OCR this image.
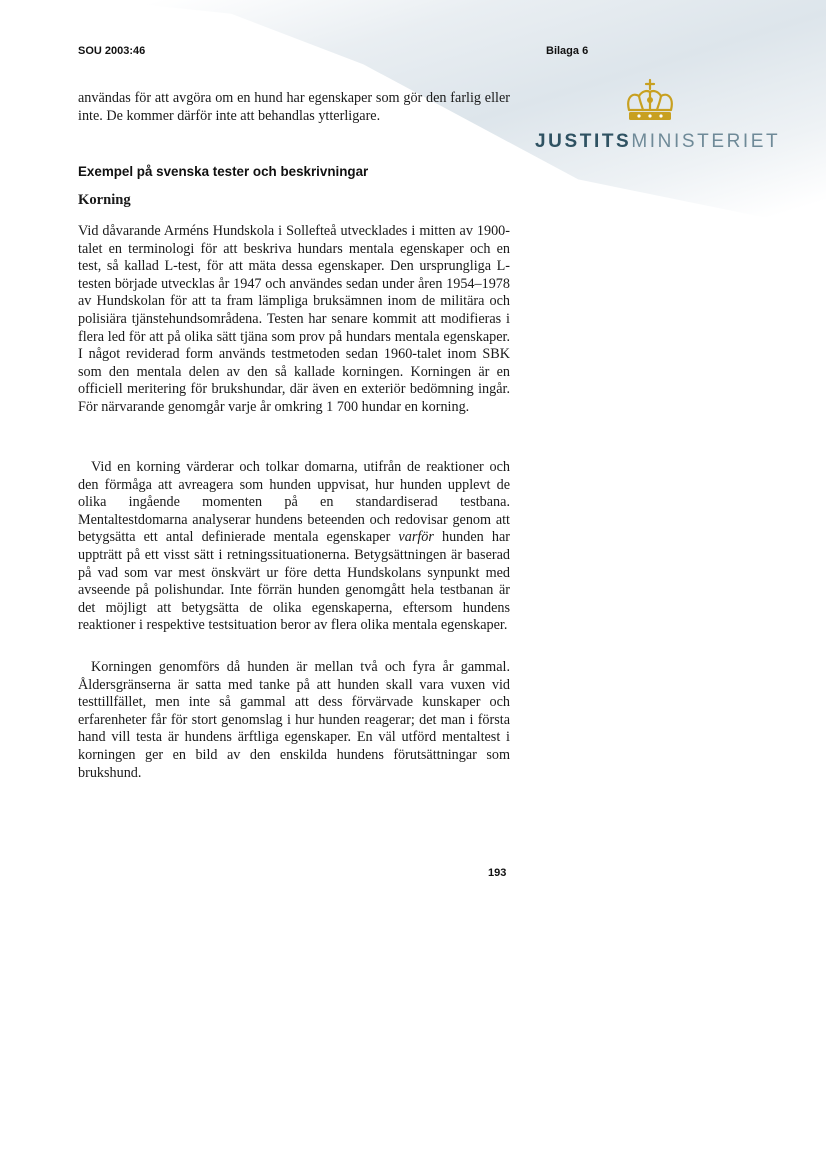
SOU 2003:46	Bilaga 6
JUSTITSMINISTERIET

användas för att avgöra om en hund har egenskaper som gör den farlig eller inte. De kommer därför inte att behandlas ytterligare.

Exempel på svenska tester och beskrivningar
Korning

Vid dåvarande Arméns Hundskola i Sollefteå utvecklades i mitten av 1900-talet en terminologi för att beskriva hundars mentala egenskaper och en test, så kallad L-test, för att mäta dessa egenskaper. Den ursprungliga L-testen började utvecklas år 1947 och användes sedan under åren 1954–1978 av Hundskolan för att ta fram lämpliga bruksämnen inom de militära och polisiära tjänstehundsområdena. Testen har senare kommit att modifieras i flera led för att på olika sätt tjäna som prov på hundars mentala egenskaper. I något reviderad form används testmetoden sedan 1960-talet inom SBK som den mentala delen av den så kallade korningen. Korningen är en officiell meritering för brukshundar, där även en exteriör bedömning ingår. För närvarande genomgår varje år omkring 1 700 hundar en korning.

Vid en korning värderar och tolkar domarna, utifrån de reaktioner och den förmåga att avreagera som hunden uppvisat, hur hunden upplevt de olika ingående momenten på en standardiserad testbana. Mentaltestdomarna analyserar hundens beteenden och redovisar genom att betygsätta ett antal definierade mentala egenskaper varför hunden har uppträtt på ett visst sätt i retningssituationerna. Betygsättningen är baserad på vad som var mest önskvärt ur före detta Hundskolans synpunkt med avseende på polishundar. Inte förrän hunden genomgått hela testbanan är det möjligt att betygsätta de olika egenskaperna, eftersom hundens reaktioner i respektive testsituation beror av flera olika mentala egenskaper.

Korningen genomförs då hunden är mellan två och fyra år gammal. Åldersgränserna är satta med tanke på att hunden skall vara vuxen vid testtillfället, men inte så gammal att dess förvärvade kunskaper och erfarenheter får för stort genomslag i hur hunden reagerar; det man i första hand vill testa är hundens ärftliga egenskaper. En väl utförd mentaltest i korningen ger en bild av den enskilda hundens förutsättningar som brukshund.

193
